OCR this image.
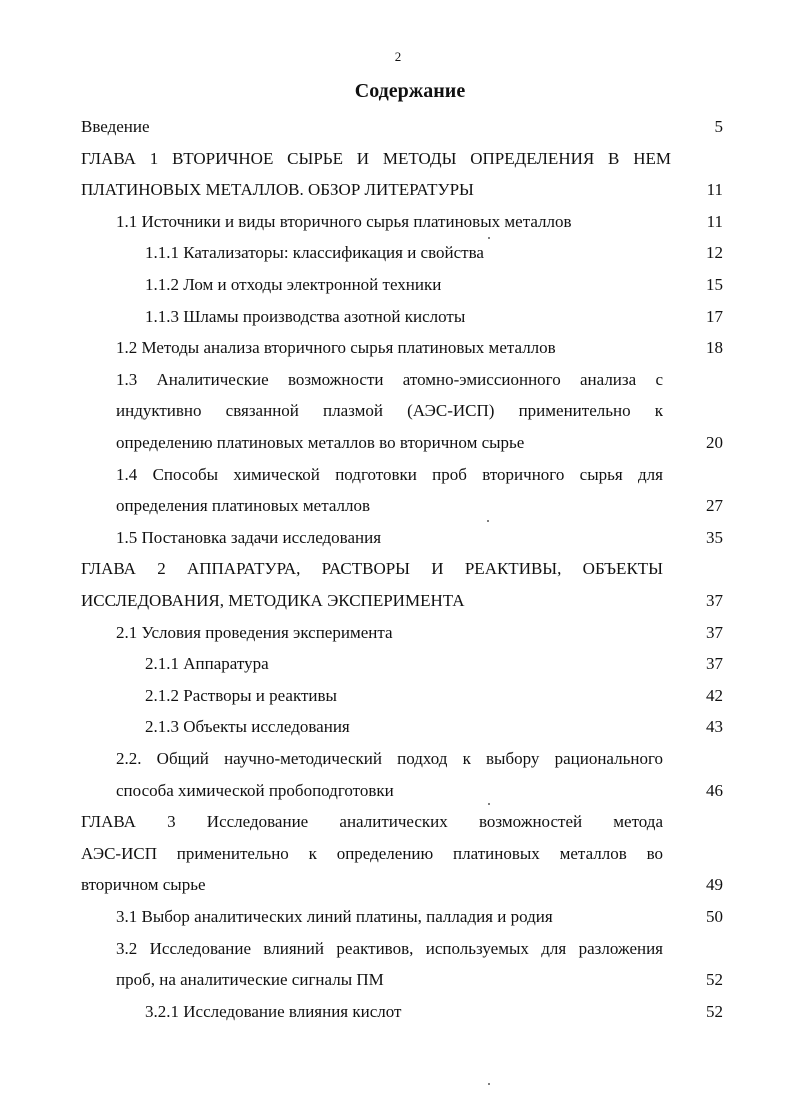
2
Содержание
Введение	5
ГЛАВА 1 ВТОРИЧНОЕ СЫРЬЕ И МЕТОДЫ ОПРЕДЕЛЕНИЯ В НЕМ
ПЛАТИНОВЫХ МЕТАЛЛОВ. ОБЗОР ЛИТЕРАТУРЫ	11
1.1 Источники и виды вторичного сырья платиновых металлов	11
1.1.1 Катализаторы: классификация и свойства	12
1.1.2 Лом и отходы электронной техники	15
1.1.3 Шламы производства азотной кислоты	17
1.2 Методы анализа вторичного сырья платиновых металлов	18
1.3 Аналитические возможности атомно-эмиссионного анализа с
индуктивно связанной плазмой (АЭС-ИСП) применительно к
определению платиновых металлов во вторичном сырье	20
1.4 Способы химической подготовки проб вторичного сырья для
определения платиновых металлов	27
1.5 Постановка задачи исследования	35
ГЛАВА 2 АППАРАТУРА, РАСТВОРЫ И РЕАКТИВЫ, ОБЪЕКТЫ
ИССЛЕДОВАНИЯ, МЕТОДИКА ЭКСПЕРИМЕНТА	37
2.1 Условия проведения эксперимента	37
2.1.1 Аппаратура	37
2.1.2 Растворы и реактивы	42
2.1.3 Объекты исследования	43
2.2. Общий научно-методический подход к выбору рационального
способа химической пробоподготовки	46
ГЛАВА 3 Исследование аналитических возможностей метода
АЭС-ИСП применительно к определению платиновых металлов во
вторичном сырье	49
3.1 Выбор аналитических линий платины, палладия и родия	50
3.2 Исследование влияний реактивов, используемых для разложения
проб, на аналитические сигналы ПМ	52
3.2.1 Исследование влияния кислот	52
